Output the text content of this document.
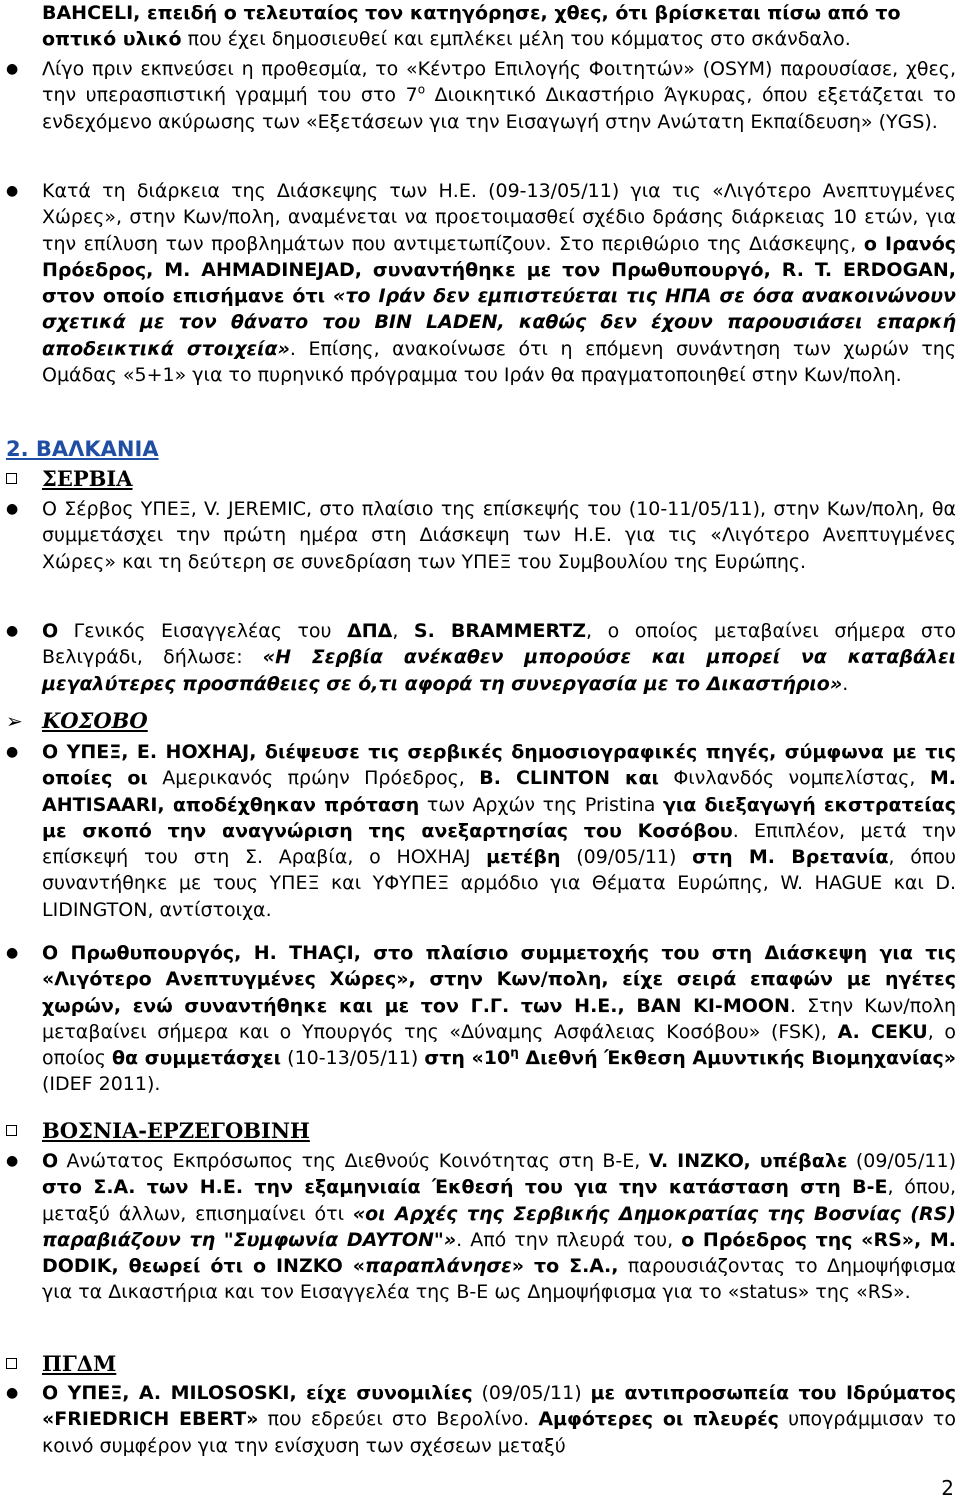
BAHCELI, επειδή ο τελευταίος τον κατηγόρησε, χθες, ότι βρίσκεται πίσω από το
οπτικό υλικό που έχει δημοσιευθεί και εμπλέκει μέλη του κόμματος στο σκάνδαλο.

● Λίγο πριν εκπνεύσει η προθεσμία, το «Κέντρο Επιλογής Φοιτητών» (OSYM) παρουσίασε, χθες, την υπερασπιστική γραμμή του στο $7^o$ Διοικητικό Δικαστήριο Άγκυρας, όπου εξετάζεται το ενδεχόμενο ακύρωσης των «Εξετάσεων για την Εισαγωγή στην Ανώτατη Εκπαίδευση» (YGS).

● Κατά τη διάρκεια της Διάσκεψης των Η.Ε. (09-13/05/11) για τις «Λιγότερο Ανεπτυγμένες Χώρες», στην Κων/πολη, αναμένεται να προετοιμασθεί σχέδιο δράσης διάρκειας 10 ετών, για την επίλυση των προβλημάτων που αντιμετωπίζουν. Στο περιθώριο της Διάσκεψης, ο Ιρανός Πρόεδρος, M. AHMADINEJAD, συναντήθηκε με τον Πρωθυπουργό, R. T. ERDOGAN, στον οποίο επισήμανε ότι «το Ιράν δεν εμπιστεύεται τις ΗΠΑ σε όσα ανακοινώνουν σχετικά με τον θάνατο του BIN LADEN, καθώς δεν έχουν παρουσιάσει επαρκή αποδεικτικά στοιχεία». Επίσης, ανακοίνωσε ότι η επόμενη συνάντηση των χωρών της Ομάδας «5+1» για το πυρηνικό πρόγραμμα του Ιράν θα πραγματοποιηθεί στην Κων/πολη.

2. ΒΑΛΚΑΝΙΑ
ΣΕΡΒΙΑ
● Ο Σέρβος ΥΠΕΞ, V. JEREMIC, στο πλαίσιο της επίσκεψής του (10-11/05/11), στην Κων/πολη, θα συμμετάσχει την πρώτη ημέρα στη Διάσκεψη των Η.Ε. για τις «Λιγότερο Ανεπτυγμένες Χώρες» και τη δεύτερη σε συνεδρίαση των ΥΠΕΞ του Συμβουλίου της Ευρώπης.

● Ο Γενικός Εισαγγελέας του ΔΠΔ, S. BRAMMERTZ, ο οποίος μεταβαίνει σήμερα στο Βελιγράδι, δήλωσε: «Η Σερβία ανέκαθεν μπορούσε και μπορεί να καταβάλει μεγαλύτερες προσπάθειες σε ό,τι αφορά τη συνεργασία με το Δικαστήριο».

➢ ΚΟΣΟΒΟ
● Ο ΥΠΕΞ, E. HOXHAJ, διέψευσε τις σερβικές δημοσιογραφικές πηγές, σύμφωνα με τις οποίες οι Αμερικανός πρώην Πρόεδρος, B. CLINTON και Φινλανδός νομπελίστας, M. AHTISAARI, αποδέχθηκαν πρόταση των Αρχών της Pristina για διεξαγωγή εκστρατείας με σκοπό την αναγνώριση της ανεξαρτησίας του Κοσόβου. Επιπλέον, μετά την επίσκεψή του στη Σ. Αραβία, ο HOXHAJ μετέβη (09/05/11) στη Μ. Βρετανία, όπου συναντήθηκε με τους ΥΠΕΞ και ΥΦΥΠΕΞ αρμόδιο για Θέματα Ευρώπης, W. HAGUE και D. LIDINGTON, αντίστοιχα.

● Ο Πρωθυπουργός, H. THAÇI, στο πλαίσιο συμμετοχής του στη Διάσκεψη για τις «Λιγότερο Ανεπτυγμένες Χώρες», στην Κων/πολη, είχε σειρά επαφών με ηγέτες χωρών, ενώ συναντήθηκε και με τον Γ.Γ. των Η.Ε., BAN KI-MOON. Στην Κων/πολη μεταβαίνει σήμερα και ο Υπουργός της «Δύναμης Ασφάλειας Κοσόβου» (FSK), A. CEKU, ο οποίος θα συμμετάσχει (10-13/05/11) στη «$10^\eta$ Διεθνή Έκθεση Αμυντικής Βιομηχανίας» (IDEF 2011).

ΒΟΣΝΙΑ-ΕΡΖΕΓΟΒΙΝΗ
● Ο Ανώτατος Εκπρόσωπος της Διεθνούς Κοινότητας στη Β-Ε, V. INZKO, υπέβαλε (09/05/11) στο Σ.Α. των Η.Ε. την εξαμηνιαία Έκθεσή του για την κατάσταση στη Β-Ε, όπου, μεταξύ άλλων, επισημαίνει ότι «οι Αρχές της Σερβικής Δημοκρατίας της Βοσνίας (RS) παραβιάζουν τη "Συμφωνία DAYTON"». Από την πλευρά του, ο Πρόεδρος της «RS», M. DODIK, θεωρεί ότι ο INZKO «παραπλάνησε» το Σ.Α., παρουσιάζοντας το Δημοψήφισμα για τα Δικαστήρια και τον Εισαγγελέα της Β-Ε ως Δημοψήφισμα για το «status» της «RS».

ΠΓΔΜ
● Ο ΥΠΕΞ, A. MILOSOSKI, είχε συνομιλίες (09/05/11) με αντιπροσωπεία του Ιδρύματος «FRIEDRICH EBERT» που εδρεύει στο Βερολίνο. Αμφότερες οι πλευρές υπογράμμισαν το κοινό συμφέρον για την ενίσχυση των σχέσεων μεταξύ

2
